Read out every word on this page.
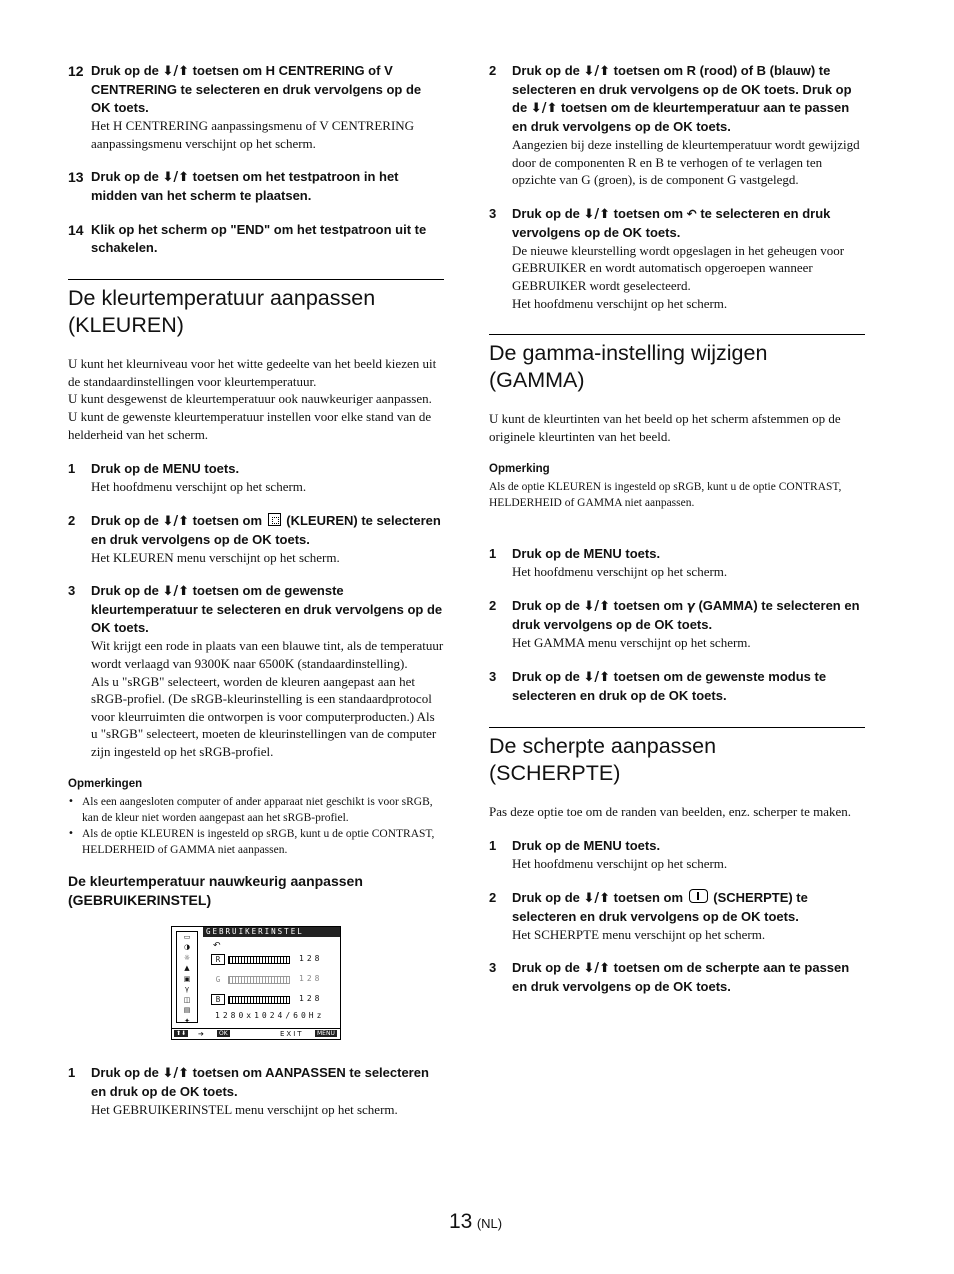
12 Druk op de ⬇/⬆ toetsen om H CENTRERING of V CENTRERING te selecteren en druk vervolgens op de OK toets.
Het H CENTRERING aanpassingsmenu of V CENTRERING aanpassingsmenu verschijnt op het scherm.
13 Druk op de ⬇/⬆ toetsen om het testpatroon in het midden van het scherm te plaatsen.
14 Klik op het scherm op "END" om het testpatroon uit te schakelen.
De kleurtemperatuur aanpassen
(KLEUREN)
U kunt het kleurniveau voor het witte gedeelte van het beeld kiezen uit de standaardinstellingen voor kleurtemperatuur.
U kunt desgewenst de kleurtemperatuur ook nauwkeuriger aanpassen.
U kunt de gewenste kleurtemperatuur instellen voor elke stand van de helderheid van het scherm.
1 Druk op de MENU toets.
Het hoofdmenu verschijnt op het scherm.
2 Druk op de ⬇/⬆ toetsen om  (KLEUREN) te selecteren en druk vervolgens op de OK toets.
Het KLEUREN menu verschijnt op het scherm.
3 Druk op de ⬇/⬆ toetsen om de gewenste kleurtemperatuur te selecteren en druk vervolgens op de OK toets.
Wit krijgt een rode in plaats van een blauwe tint, als de temperatuur wordt verlaagd van 9300K naar 6500K (standaardinstelling).
Als u "sRGB" selecteert, worden de kleuren aangepast aan het sRGB-profiel. (De sRGB-kleurinstelling is een standaardprotocol voor kleurruimten die ontworpen is voor computerproducten.) Als u "sRGB" selecteert, moeten de kleurinstellingen van de computer zijn ingesteld op het sRGB-profiel.
Opmerkingen
• Als een aangesloten computer of ander apparaat niet geschikt is voor sRGB, kan de kleur niet worden aangepast aan het sRGB-profiel.
• Als de optie KLEUREN is ingesteld op sRGB, kunt u de optie CONTRAST, HELDERHEID of GAMMA niet aanpassen.
De kleurtemperatuur nauwkeurig aanpassen
(GEBRUIKERINSTEL)
GEBRUIKERINSTEL
▭
◑
☼
▲
▣
γ
◫
▤
✦
↶
R	128
G	128
B	128
1280x1024/60Hz
⬆⬇ ➔	OK	EXIT	MENU
1 Druk op de ⬇/⬆ toetsen om AANPASSEN te selecteren en druk op de OK toets.
Het GEBRUIKERINSTEL menu verschijnt op het scherm.
2 Druk op de ⬇/⬆ toetsen om R (rood) of B (blauw) te selecteren en druk vervolgens op de OK toets. Druk op de ⬇/⬆ toetsen om de kleurtemperatuur aan te passen en druk vervolgens op de OK toets.
Aangezien bij deze instelling de kleurtemperatuur wordt gewijzigd door de componenten R en B te verhogen of te verlagen ten opzichte van G (groen), is de component G vastgelegd.
3 Druk op de ⬇/⬆ toetsen om ↶ te selecteren en druk vervolgens op de OK toets.
De nieuwe kleurstelling wordt opgeslagen in het geheugen voor GEBRUIKER en wordt automatisch opgeroepen wanneer GEBRUIKER wordt geselecteerd.
Het hoofdmenu verschijnt op het scherm.
De gamma-instelling wijzigen
(GAMMA)
U kunt de kleurtinten van het beeld op het scherm afstemmen op de originele kleurtinten van het beeld.
Opmerking
Als de optie KLEUREN is ingesteld op sRGB, kunt u de optie CONTRAST, HELDERHEID of GAMMA niet aanpassen.
1 Druk op de MENU toets.
Het hoofdmenu verschijnt op het scherm.
2 Druk op de ⬇/⬆ toetsen om γ (GAMMA) te selecteren en druk vervolgens op de OK toets.
Het GAMMA menu verschijnt op het scherm.
3 Druk op de ⬇/⬆ toetsen om de gewenste modus te selecteren en druk op de OK toets.
De scherpte aanpassen
(SCHERPTE)
Pas deze optie toe om de randen van beelden, enz. scherper te maken.
1 Druk op de MENU toets.
Het hoofdmenu verschijnt op het scherm.
2 Druk op de ⬇/⬆ toetsen om  (SCHERPTE) te selecteren en druk vervolgens op de OK toets.
Het SCHERPTE menu verschijnt op het scherm.
3 Druk op de ⬇/⬆ toetsen om de scherpte aan te passen en druk vervolgens op de OK toets.
13 (NL)
